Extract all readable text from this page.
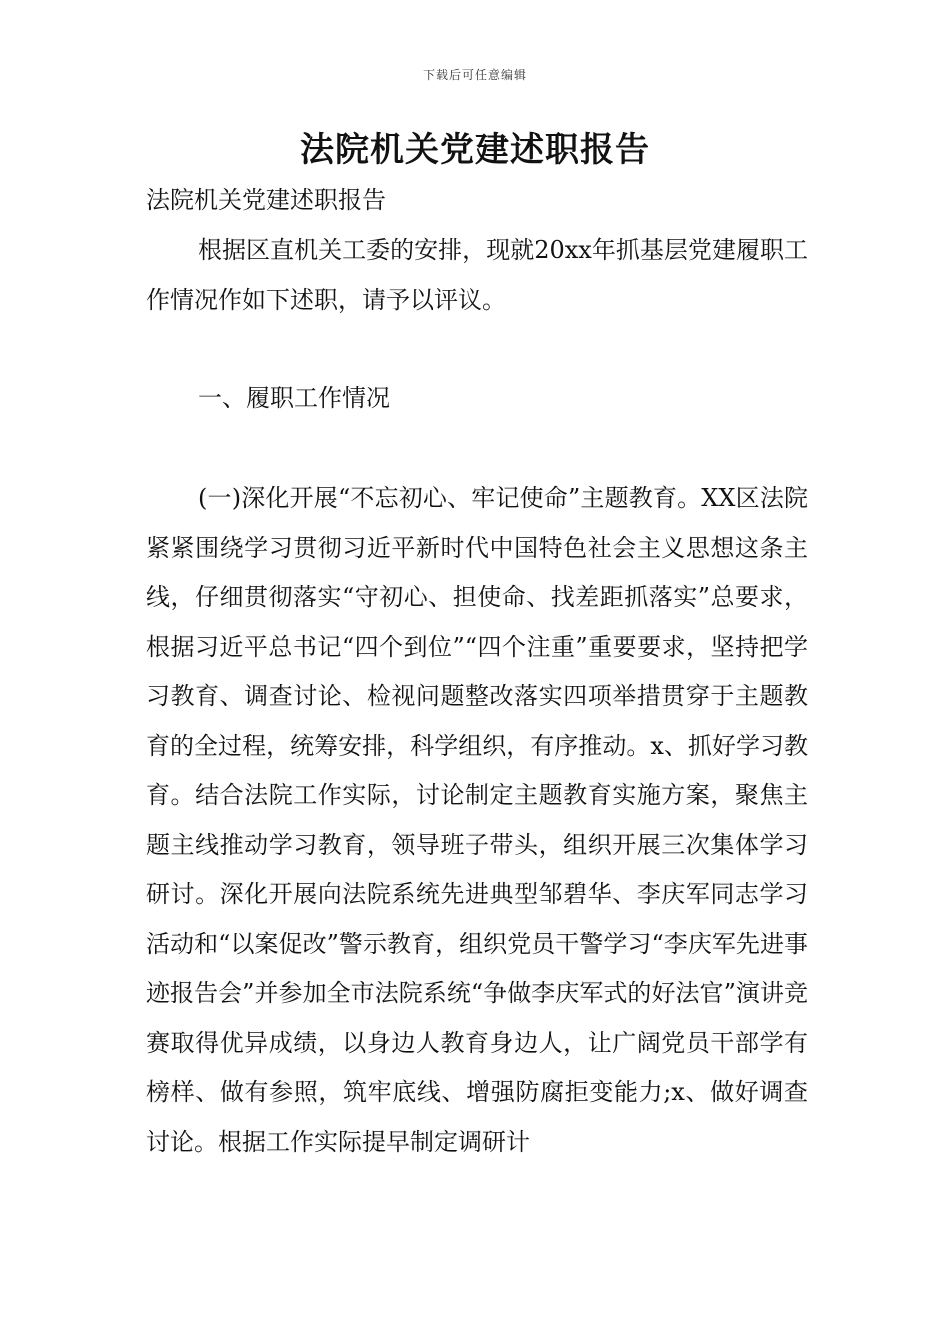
下载后可任意编辑
法院机关党建述职报告

法院机关党建述职报告

根据区直机关工委的安排，现就20xx年抓基层党建履职工作情况作如下述职，请予以评议。

一、履职工作情况

(一)深化开展“不忘初心、牢记使命”主题教育。XX区法院紧紧围绕学习贯彻习近平新时代中国特色社会主义思想这条主线，仔细贯彻落实“守初心、担使命、找差距抓落实”总要求，根据习近平总书记“四个到位”“四个注重”重要要求，坚持把学习教育、调查讨论、检视问题整改落实四项举措贯穿于主题教育的全过程，统筹安排，科学组织，有序推动。x、抓好学习教育。结合法院工作实际，讨论制定主题教育实施方案，聚焦主题主线推动学习教育，领导班子带头，组织开展三次集体学习研讨。深化开展向法院系统先进典型邹碧华、李庆军同志学习活动和“以案促改”警示教育，组织党员干警学习“李庆军先进事迹报告会”并参加全市法院系统“争做李庆军式的好法官”演讲竞赛取得优异成绩，以身边人教育身边人，让广阔党员干部学有榜样、做有参照，筑牢底线、增强防腐拒变能力;x、做好调查讨论。根据工作实际提早制定调研计
